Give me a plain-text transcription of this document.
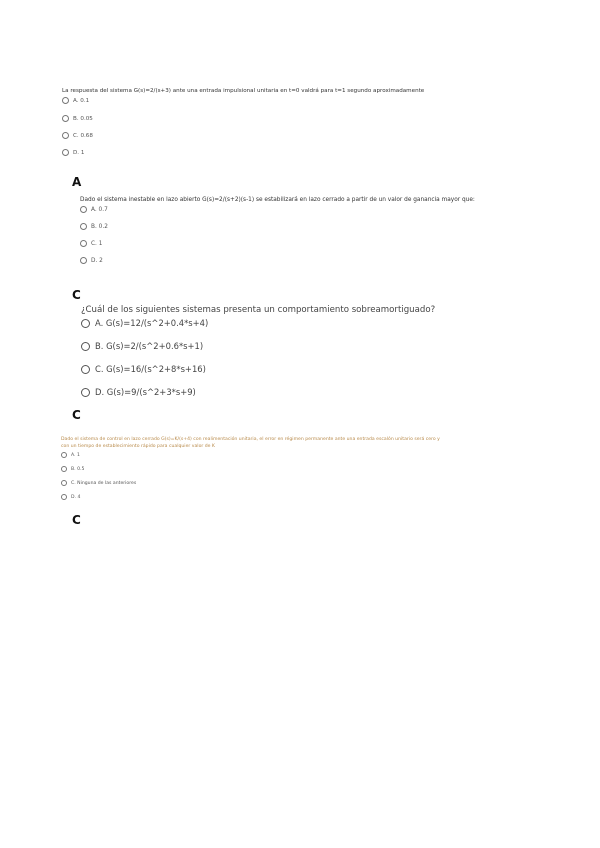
La respuesta del sistema G(s)=2/(s+3) ante una entrada impulsional unitaria en t=0 valdrá para t=1 segundo aproximadamente
A. 0.1
B. 0.05
C. 0.68
D. 1
A
Dado el sistema inestable en lazo abierto G(s)=2/(s+2)(s-1) se estabilizará en lazo cerrado a partir de un valor de ganancia mayor que:
A. 0.7
B. 0.2
C. 1
D. 2
C
¿Cuál de los siguientes sistemas presenta un comportamiento sobreamortiguado?
A. G(s)=12/(s^2+0.4*s+4)
B. G(s)=2/(s^2+0.6*s+1)
C. G(s)=16/(s^2+8*s+16)
D. G(s)=9/(s^2+3*s+9)
C
Dado el sistema de control en lazo cerrado G(s)=K/(s+4) con realimentación unitaria, el error en régimen permanente ante una entrada escalón unitario será cero y
con un tiempo de establecimiento rápido para cualquier valor de K
A. 1
B. 0.5
C. Ninguna de las anteriores
D. 4
C
